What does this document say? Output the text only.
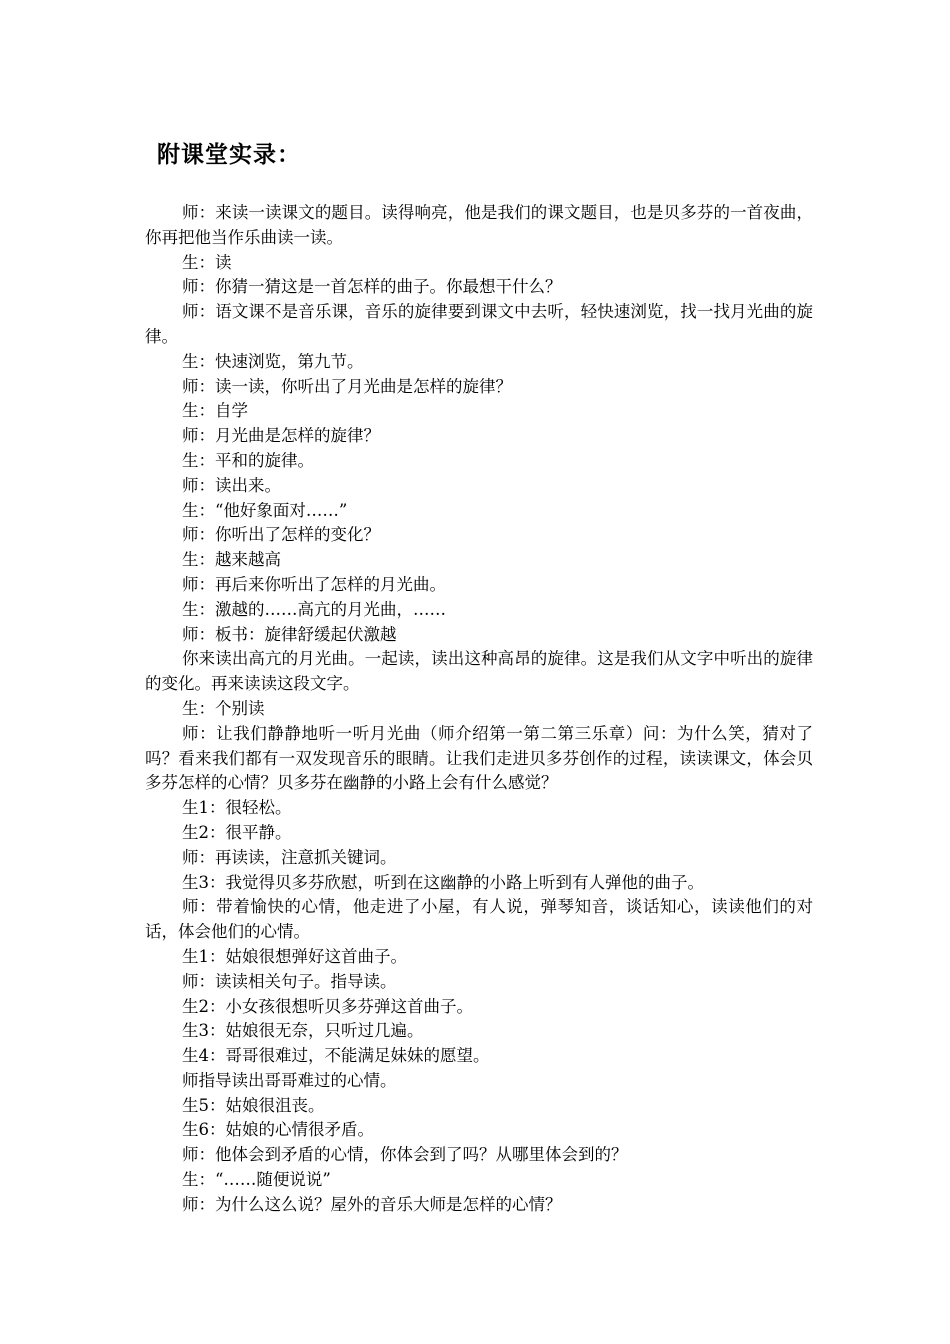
附课堂实录：

师：来读一读课文的题目。读得响亮，他是我们的课文题目，也是贝多芬的一首夜曲，你再把他当作乐曲读一读。

生：读

师：你猜一猜这是一首怎样的曲子。你最想干什么？

师：语文课不是音乐课，音乐的旋律要到课文中去听，轻快速浏览，找一找月光曲的旋律。

生：快速浏览，第九节。

师：读一读，你听出了月光曲是怎样的旋律？

生：自学

师：月光曲是怎样的旋律？

生：平和的旋律。

师：读出来。

生：“他好象面对……”

师：你听出了怎样的变化？

生：越来越高

师：再后来你听出了怎样的月光曲。

生：激越的……高亢的月光曲，……

师：板书：旋律舒缓起伏激越

你来读出高亢的月光曲。一起读，读出这种高昂的旋律。这是我们从文字中听出的旋律的变化。再来读读这段文字。

生：个别读

师：让我们静静地听一听月光曲（师介绍第一第二第三乐章）问：为什么笑，猜对了吗？看来我们都有一双发现音乐的眼睛。让我们走进贝多芬创作的过程，读读课文，体会贝多芬怎样的心情？贝多芬在幽静的小路上会有什么感觉？

生1：很轻松。

生2：很平静。

师：再读读，注意抓关键词。

生3：我觉得贝多芬欣慰，听到在这幽静的小路上听到有人弹他的曲子。

师：带着愉快的心情，他走进了小屋，有人说，弹琴知音，谈话知心，读读他们的对话，体会他们的心情。

生1：姑娘很想弹好这首曲子。

师：读读相关句子。指导读。

生2：小女孩很想听贝多芬弹这首曲子。

生3：姑娘很无奈，只听过几遍。

生4：哥哥很难过，不能满足妹妹的愿望。

师指导读出哥哥难过的心情。

生5：姑娘很沮丧。

生6：姑娘的心情很矛盾。

师：他体会到矛盾的心情，你体会到了吗？从哪里体会到的？

生：“……随便说说”

师：为什么这么说？屋外的音乐大师是怎样的心情？
